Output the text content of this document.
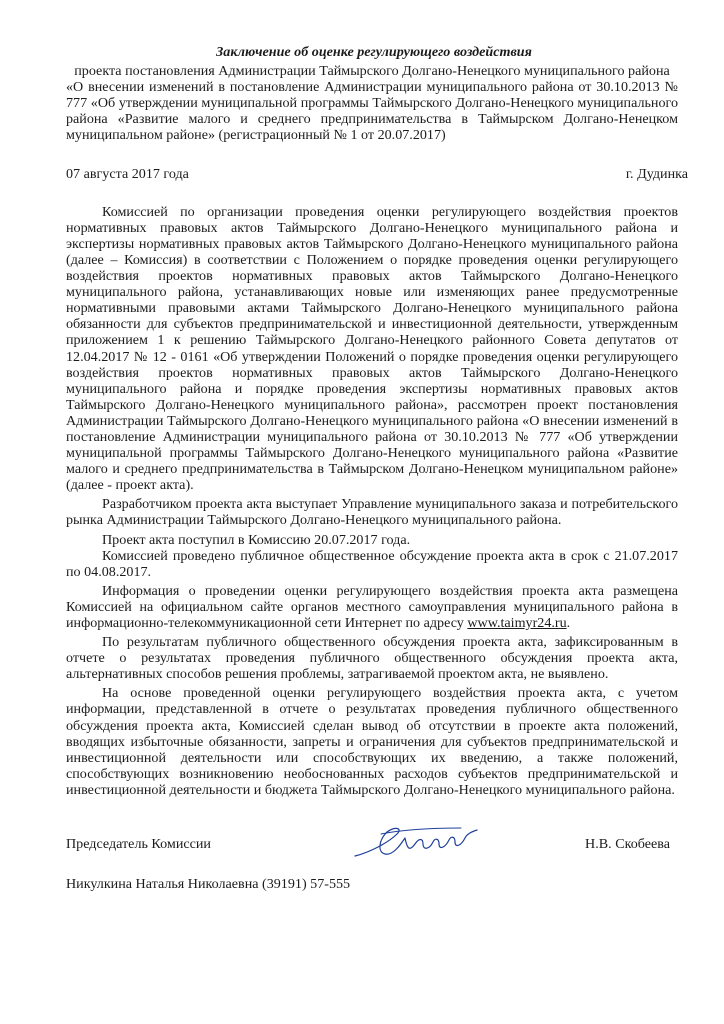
Заключение об оценке регулирующего воздействия
проекта постановления Администрации Таймырского Долгано-Ненецкого муниципального района
«О внесении изменений в постановление Администрации муниципального района от 30.10.2013 № 777 «Об утверждении муниципальной программы Таймырского Долгано-Ненецкого муниципального района «Развитие малого и среднего предпринимательства в Таймырском Долгано-Ненецком муниципальном районе» (регистрационный № 1 от 20.07.2017)
07 августа 2017 года	г. Дудинка

Комиссией по организации проведения оценки регулирующего воздействия проектов нормативных правовых актов Таймырского Долгано-Ненецкого муниципального района и экспертизы нормативных правовых актов Таймырского Долгано-Ненецкого муниципального района (далее – Комиссия) в соответствии с Положением о порядке проведения оценки регулирующего воздействия проектов нормативных правовых актов Таймырского Долгано-Ненецкого муниципального района, устанавливающих новые или изменяющих ранее предусмотренные нормативными правовыми актами Таймырского Долгано-Ненецкого муниципального района обязанности для субъектов предпринимательской и инвестиционной деятельности, утвержденным приложением 1 к решению Таймырского Долгано-Ненецкого районного Совета депутатов от 12.04.2017 № 12 - 0161 «Об утверждении Положений о порядке проведения оценки регулирующего воздействия проектов нормативных правовых актов Таймырского Долгано-Ненецкого муниципального района и порядке проведения экспертизы нормативных правовых актов Таймырского Долгано-Ненецкого муниципального района», рассмотрен проект постановления Администрации Таймырского Долгано-Ненецкого муниципального района «О внесении изменений в постановление Администрации муниципального района от 30.10.2013 № 777 «Об утверждении муниципальной программы Таймырского Долгано-Ненецкого муниципального района «Развитие малого и среднего предпринимательства в Таймырском Долгано-Ненецком муниципальном районе» (далее - проект акта).

Разработчиком проекта акта выступает Управление муниципального заказа и потребительского рынка Администрации Таймырского Долгано-Ненецкого муниципального района.

Проект акта поступил в Комиссию 20.07.2017 года.

Комиссией проведено публичное общественное обсуждение проекта акта в срок с 21.07.2017 по 04.08.2017.

Информация о проведении оценки регулирующего воздействия проекта акта размещена Комиссией на официальном сайте органов местного самоуправления муниципального района в информационно-телекоммуникационной сети Интернет по адресу www.taimyr24.ru.

По результатам публичного общественного обсуждения проекта акта, зафиксированным в отчете о результатах проведения публичного общественного обсуждения проекта акта, альтернативных способов решения проблемы, затрагиваемой проектом акта, не выявлено.

На основе проведенной оценки регулирующего воздействия проекта акта, с учетом информации, представленной в отчете о результатах проведения публичного общественного обсуждения проекта акта, Комиссией сделан вывод об отсутствии в проекте акта положений, вводящих избыточные обязанности, запреты и ограничения для субъектов предпринимательской и инвестиционной деятельности или способствующих их введению, а также положений, способствующих возникновению необоснованных расходов субъектов предпринимательской и инвестиционной деятельности и бюджета Таймырского Долгано-Ненецкого муниципального района.

Председатель Комиссии	Н.В. Скобеева
Никулкина Наталья Николаевна (39191) 57-555
